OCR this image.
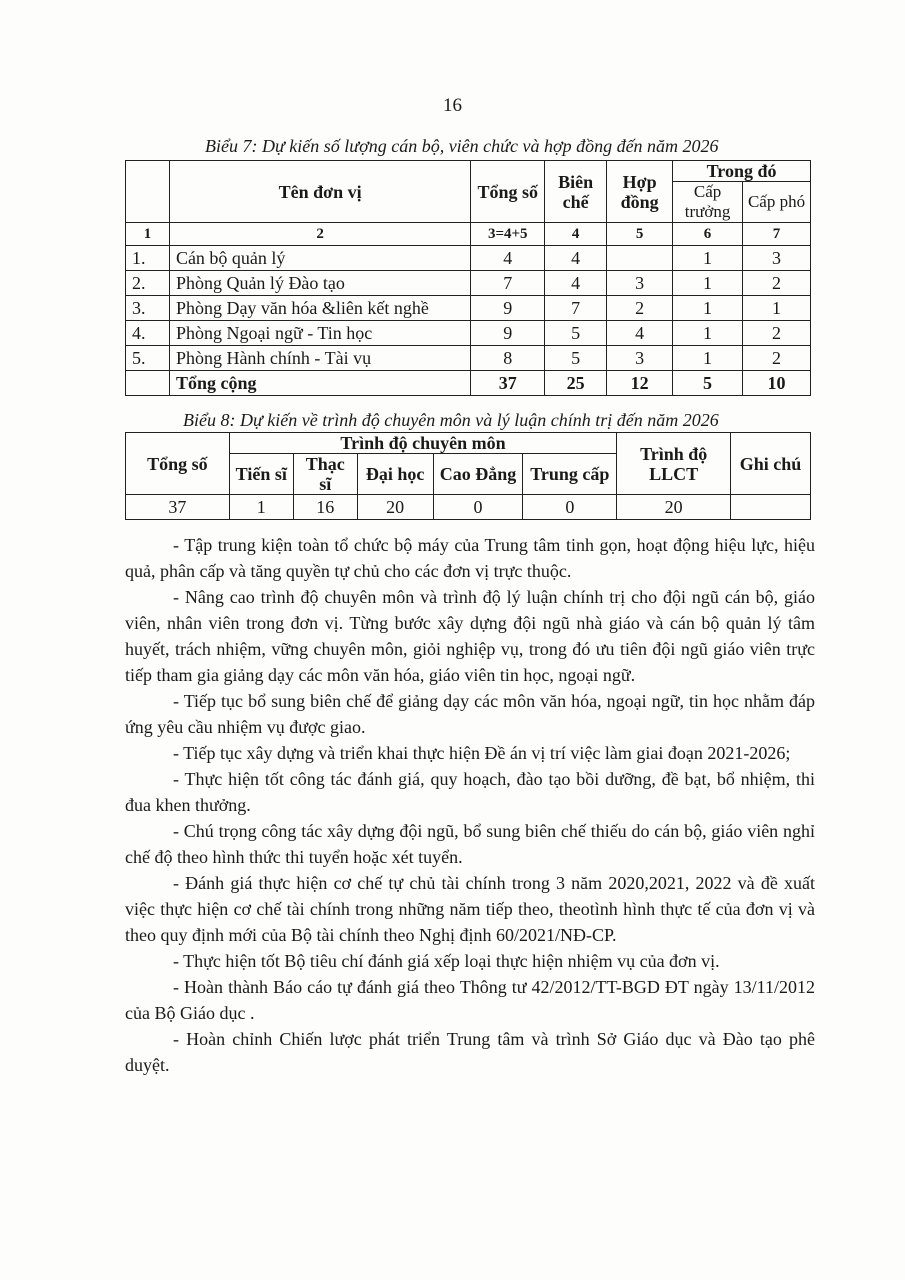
16
Biểu 7: Dự kiến số lượng cán bộ, viên chức và hợp đồng đến năm 2026
	Tên đơn vị	Tổng số	Biên chế	Hợp đồng	Trong đó	
					Cấp trưởng	Cấp phó
1	2	3=4+5	4	5	6	7
1.	Cán bộ quản lý	4	4		1	3
2.	Phòng Quản lý Đào tạo	7	4	3	1	2
3.	Phòng Dạy văn hóa &liên kết nghề	9	7	2	1	1
4.	Phòng Ngoại ngữ - Tin học	9	5	4	1	2
5.	Phòng Hành chính - Tài vụ	8	5	3	1	2
	Tổng cộng	37	25	12	5	10
Biểu 8: Dự kiến về trình độ chuyên môn và lý luận chính trị đến năm 2026
Tổng số	Trình độ chuyên môn					Trình độ LLCT	Ghi chú
	Tiến sĩ	Thạc sĩ	Đại học	Cao Đẳng	Trung cấp		
37	1	16	20	0	0	20	

- Tập trung kiện toàn tổ chức bộ máy của Trung tâm tinh gọn, hoạt động hiệu lực, hiệu quả, phân cấp và tăng quyền tự chủ cho các đơn vị trực thuộc.

- Nâng cao trình độ chuyên môn và trình độ lý luận chính trị cho đội ngũ cán bộ, giáo viên, nhân viên trong đơn vị. Từng bước xây dựng đội ngũ nhà giáo và cán bộ quản lý tâm huyết, trách nhiệm, vững chuyên môn, giỏi nghiệp vụ, trong đó ưu tiên đội ngũ giáo viên trực tiếp tham gia giảng dạy các môn văn hóa, giáo viên tin học, ngoại ngữ.

- Tiếp tục bổ sung biên chế để giảng dạy các môn văn hóa, ngoại ngữ, tin học nhằm đáp ứng yêu cầu nhiệm vụ được giao.

- Tiếp tục xây dựng và triển khai thực hiện Đề án vị trí việc làm giai đoạn 2021-2026;

- Thực hiện tốt công tác đánh giá, quy hoạch, đào tạo bồi dưỡng, đề bạt, bổ nhiệm, thi đua khen thưởng.

- Chú trọng công tác xây dựng đội ngũ, bổ sung biên chế thiếu do cán bộ, giáo viên nghỉ chế độ theo hình thức thi tuyển hoặc xét tuyển.

- Đánh giá thực hiện cơ chế tự chủ tài chính trong 3 năm 2020,2021, 2022 và đề xuất việc thực hiện cơ chế tài chính trong những năm tiếp theo, theotình hình thực tế của đơn vị và theo quy định mới của Bộ tài chính theo Nghị định 60/2021/NĐ-CP.

- Thực hiện tốt Bộ tiêu chí đánh giá xếp loại thực hiện nhiệm vụ của đơn vị.

- Hoàn thành Báo cáo tự đánh giá theo Thông tư 42/2012/TT-BGD ĐT ngày 13/11/2012 của Bộ Giáo dục .

- Hoàn chỉnh Chiến lược phát triển Trung tâm và trình Sở Giáo dục và Đào tạo phê duyệt.
